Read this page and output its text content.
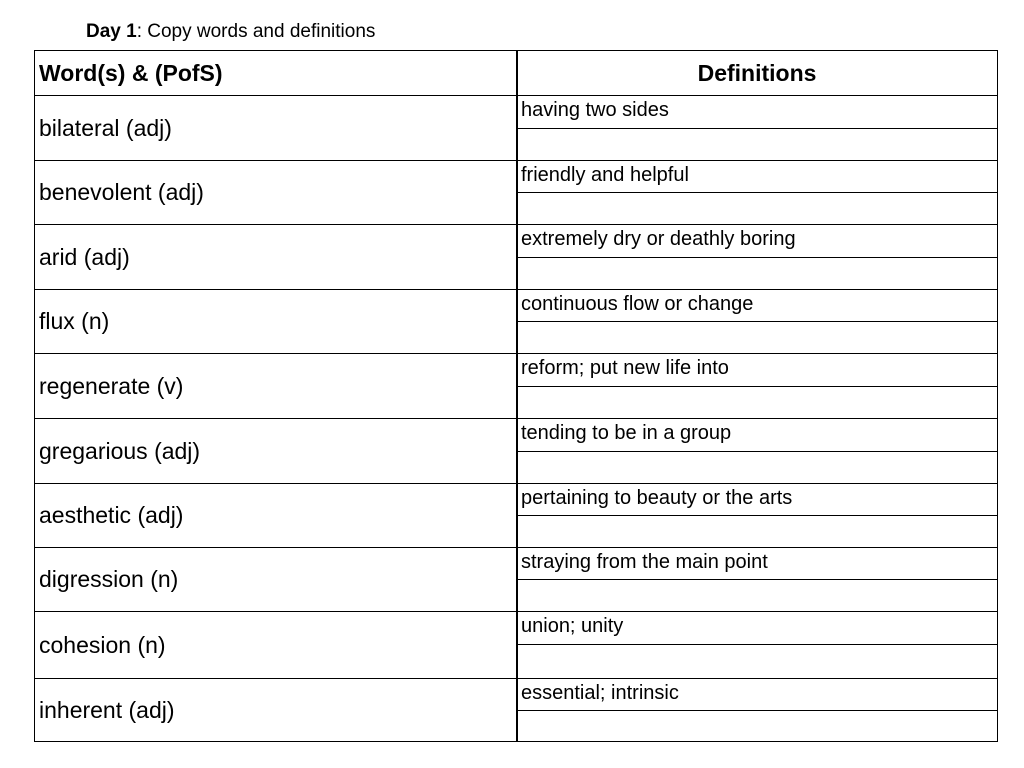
Day 1: Copy words and definitions
Word(s) & (PofS)	Definitions
bilateral (adj)
having two sides
benevolent (adj)
friendly and helpful
arid (adj)
extremely dry or deathly boring
flux (n)
continuous flow or change
regenerate (v)
reform; put new life into
gregarious (adj)
tending to be in a group
aesthetic (adj)
pertaining to beauty or the arts
digression (n)
straying from the main point
cohesion (n)
union; unity
inherent (adj)
essential; intrinsic
